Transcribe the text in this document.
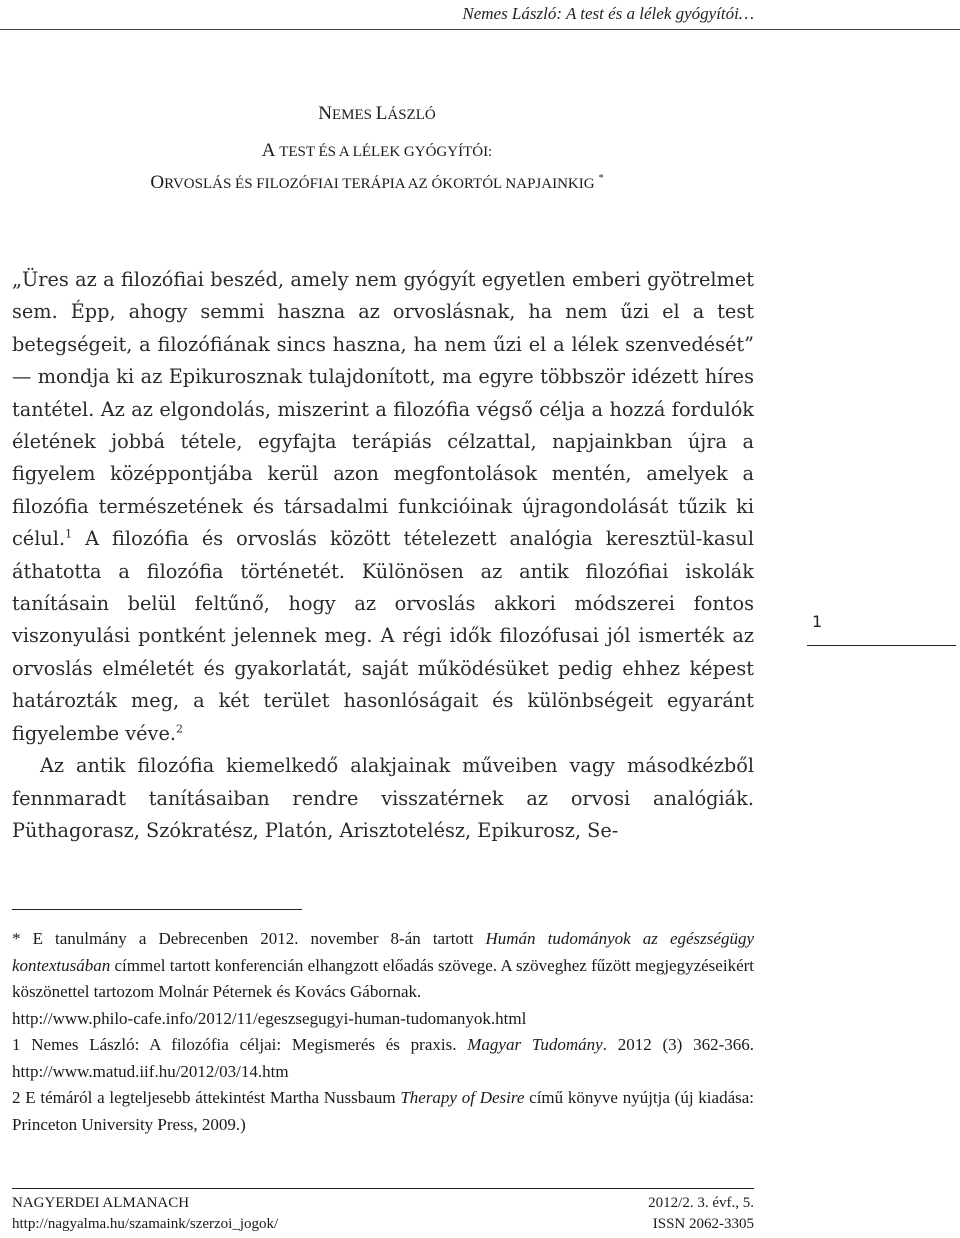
Nemes László: A test és a lélek gyógyítói…
NEMES LÁSZLÓ
A TEST ÉS A LÉLEK GYÓGYÍTÓI:
ORVOSLÁS ÉS FILOZÓFIAI TERÁPIA AZ ÓKORTÓL NAPJAINKIG *

„Üres az a filozófiai beszéd, amely nem gyógyít egyetlen emberi gyötrelmet sem. Épp, ahogy semmi haszna az orvoslásnak, ha nem űzi el a test betegségeit, a filozófiának sincs haszna, ha nem űzi el a lélek szenvedését” — mondja ki az Epikurosznak tulajdonított, ma egyre többször idézett híres tantétel. Az az elgondolás, miszerint a filozófia végső célja a hozzá fordulók életének jobbá tétele, egyfajta terápiás célzattal, napjainkban újra a figyelem középpontjába kerül azon megfontolások mentén, amelyek a filozófia természetének és társadalmi funkcióinak újragondolását tűzik ki célul.$^1$ A filozófia és orvoslás között tételezett analógia keresztül-kasul áthatotta a filozófia történetét. Különösen az antik filozófiai iskolák tanításain belül feltűnő, hogy az orvoslás akkori módszerei fontos viszonyulási pontként jelennek meg. A régi idők filozófusai jól ismerték az orvoslás elméletét és gyakorlatát, saját működésüket pedig ehhez képest határozták meg, a két terület hasonlóságait és különbségeit egyaránt figyelembe véve.$^2$

Az antik filozófia kiemelkedő alakjainak műveiben vagy másodkézből fennmaradt tanításaiban rendre visszatérnek az orvosi analógiák. Püthagorasz, Szókratész, Platón, Arisztotelész, Epikurosz, Se-

1

* E tanulmány a Debrecenben 2012. november 8-án tartott Humán tudományok az egészségügy kontextusában címmel tartott konferencián elhangzott előadás szövege. A szöveghez fűzött megjegyzéseikért köszönettel tartozom Molnár Péternek és Kovács Gábornak.

http://www.philo-cafe.info/2012/11/egeszsegugyi-human-tudomanyok.html

1 Nemes László: A filozófia céljai: Megismerés és praxis. Magyar Tudomány. 2012 (3) 362-366. http://www.matud.iif.hu/2012/03/14.htm

2 E témáról a legteljesebb áttekintést Martha Nussbaum Therapy of Desire című könyve nyújtja (új kiadása: Princeton University Press, 2009.)

NAGYERDEI ALMANACH	2012/2. 3. évf., 5.
http://nagyalma.hu/szamaink/szerzoi_jogok/	ISSN 2062-3305
